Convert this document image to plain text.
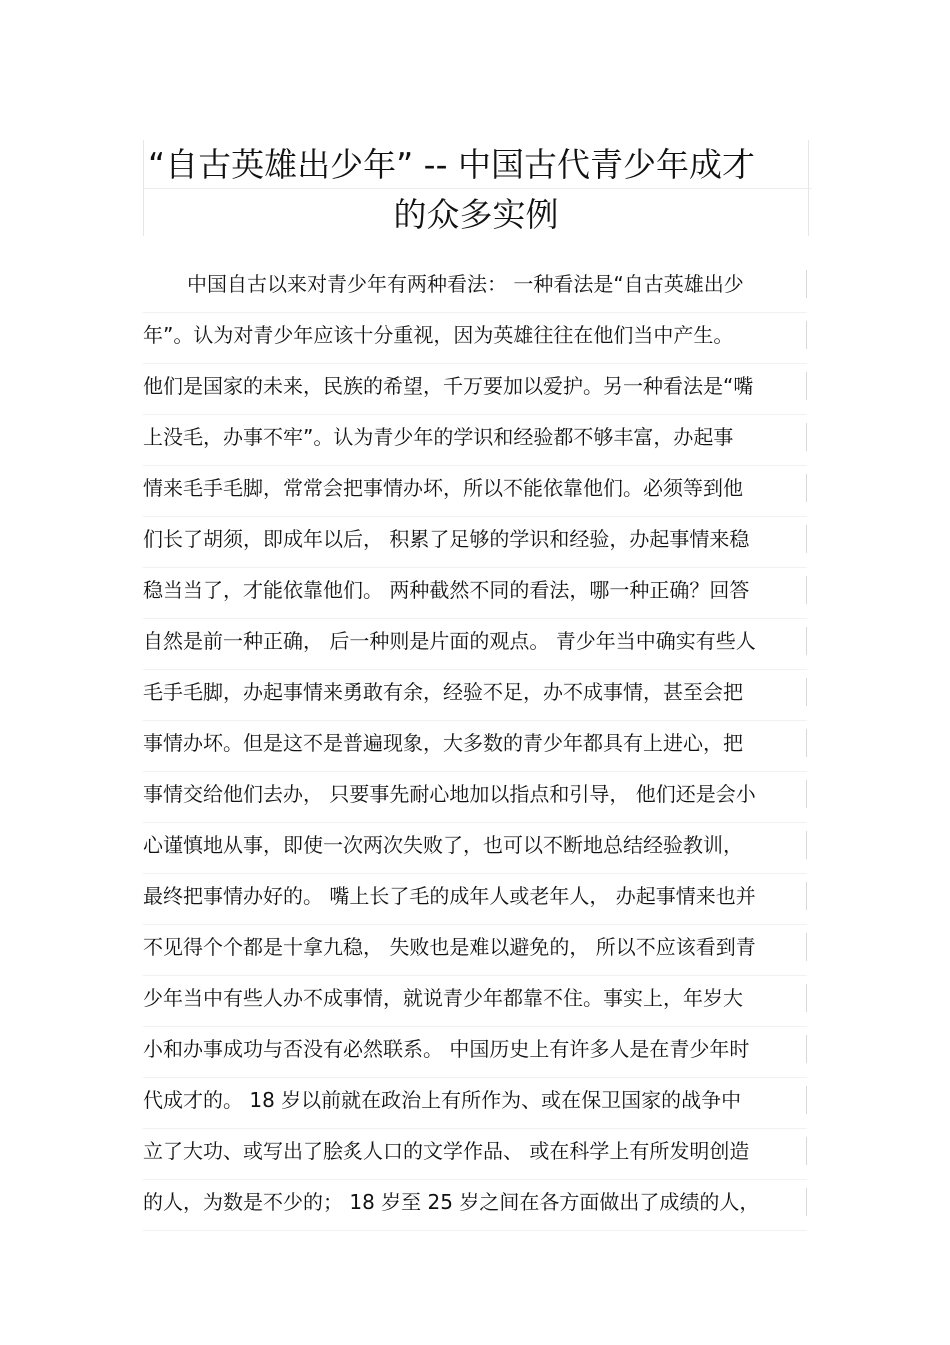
“自古英雄出少年” -- 中国古代青少年成才
的众多实例
中国自古以来对青少年有两种看法： 一种看法是“自古英雄出少
年”。认为对青少年应该十分重视，因为英雄往往在他们当中产生。
他们是国家的未来，民族的希望，千万要加以爱护。另一种看法是“嘴
上没毛，办事不牢”。认为青少年的学识和经验都不够丰富，办起事
情来毛手毛脚，常常会把事情办坏，所以不能依靠他们。必须等到他
们长了胡须，即成年以后， 积累了足够的学识和经验，办起事情来稳
稳当当了，才能依靠他们。 两种截然不同的看法，哪一种正确？回答
自然是前一种正确， 后一种则是片面的观点。 青少年当中确实有些人
毛手毛脚，办起事情来勇敢有余，经验不足，办不成事情，甚至会把
事情办坏。但是这不是普遍现象，大多数的青少年都具有上进心，把
事情交给他们去办， 只要事先耐心地加以指点和引导， 他们还是会小
心谨慎地从事，即使一次两次失败了，也可以不断地总结经验教训，
最终把事情办好的。 嘴上长了毛的成年人或老年人， 办起事情来也并
不见得个个都是十拿九稳， 失败也是难以避免的， 所以不应该看到青
少年当中有些人办不成事情，就说青少年都靠不住。事实上，年岁大
小和办事成功与否没有必然联系。 中国历史上有许多人是在青少年时
代成才的。 18 岁以前就在政治上有所作为、或在保卫国家的战争中
立了大功、或写出了脍炙人口的文学作品、 或在科学上有所发明创造
的人，为数是不少的； 18 岁至 25 岁之间在各方面做出了成绩的人，
